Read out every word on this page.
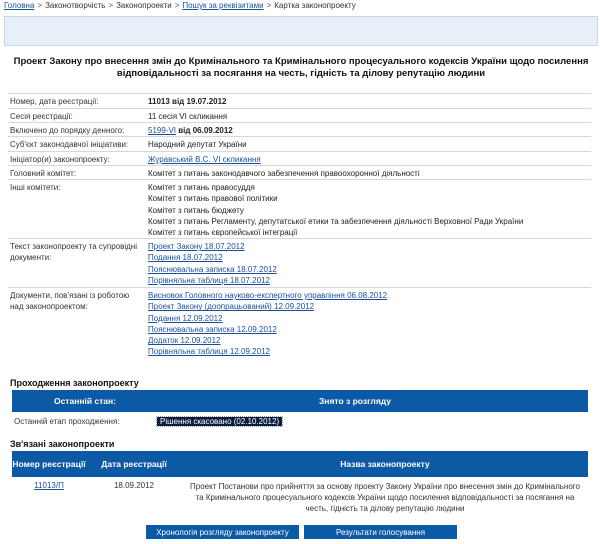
Головна > Законотворчість > Законопроекти > Пошук за реквізитами > Картка законопроекту
Проект Закону про внесення змін до Кримінального та Кримінального процесуального кодексів України щодо посилення відповідальності за посягання на честь, гідність та ділову репутацію людини
Номер, дата реєстрації:	11013 від 19.07.2012
Сесія реєстрації:	11 сесія VI скликання
Включено до порядку денного:	5199-VI від 06.09.2012
Суб'єкт законодавчої ініціативи:	Народний депутат України
Ініціатор(и) законопроекту:	Журавський В.С. VI скликання
Головний комітет:	Комітет з питань законодавчого забезпечення правоохоронної діяльності
Інші комітети:	Комітет з питань правосуддя
Комітет з питань правової політики
Комітет з питань бюджету
Комітет з питань Регламенту, депутатської етики та забезпечення діяльності Верховної Ради України
Комітет з питань європейської інтеграції
Текст законопроекту та супровідні документи:
Проект Закону 18.07.2012
Подання 18.07.2012
Пояснювальна записка 18.07.2012
Порівняльна таблиця 18.07.2012
Документи, пов'язані із роботою над законопроектом:
Висновок Головного науково-експертного управління 06.08.2012
Проект Закону (доопрацьований) 12.09.2012
Подання 12.09.2012
Пояснювальна записка 12.09.2012
Додаток 12.09.2012
Порівняльна таблиця 12.09.2012
Проходження законопроекту
Останній стан:	Знято з розгляду
Останній етап проходження:	Рішення скасовано (02.10.2012)
Зв'язані законопроекти
Номер реєстрації	Дата реєстрації	Назва законопроекту
11013/П	18.09.2012	Проект Постанови про прийняття за основу проекту Закону України про внесення змін до Кримінального та Кримінального процесуального кодексів України щодо посилення відповідальності за посягання на честь, гідність та ділову репутацію людини
Хронологія розгляду законопроекту	Результати голосування
